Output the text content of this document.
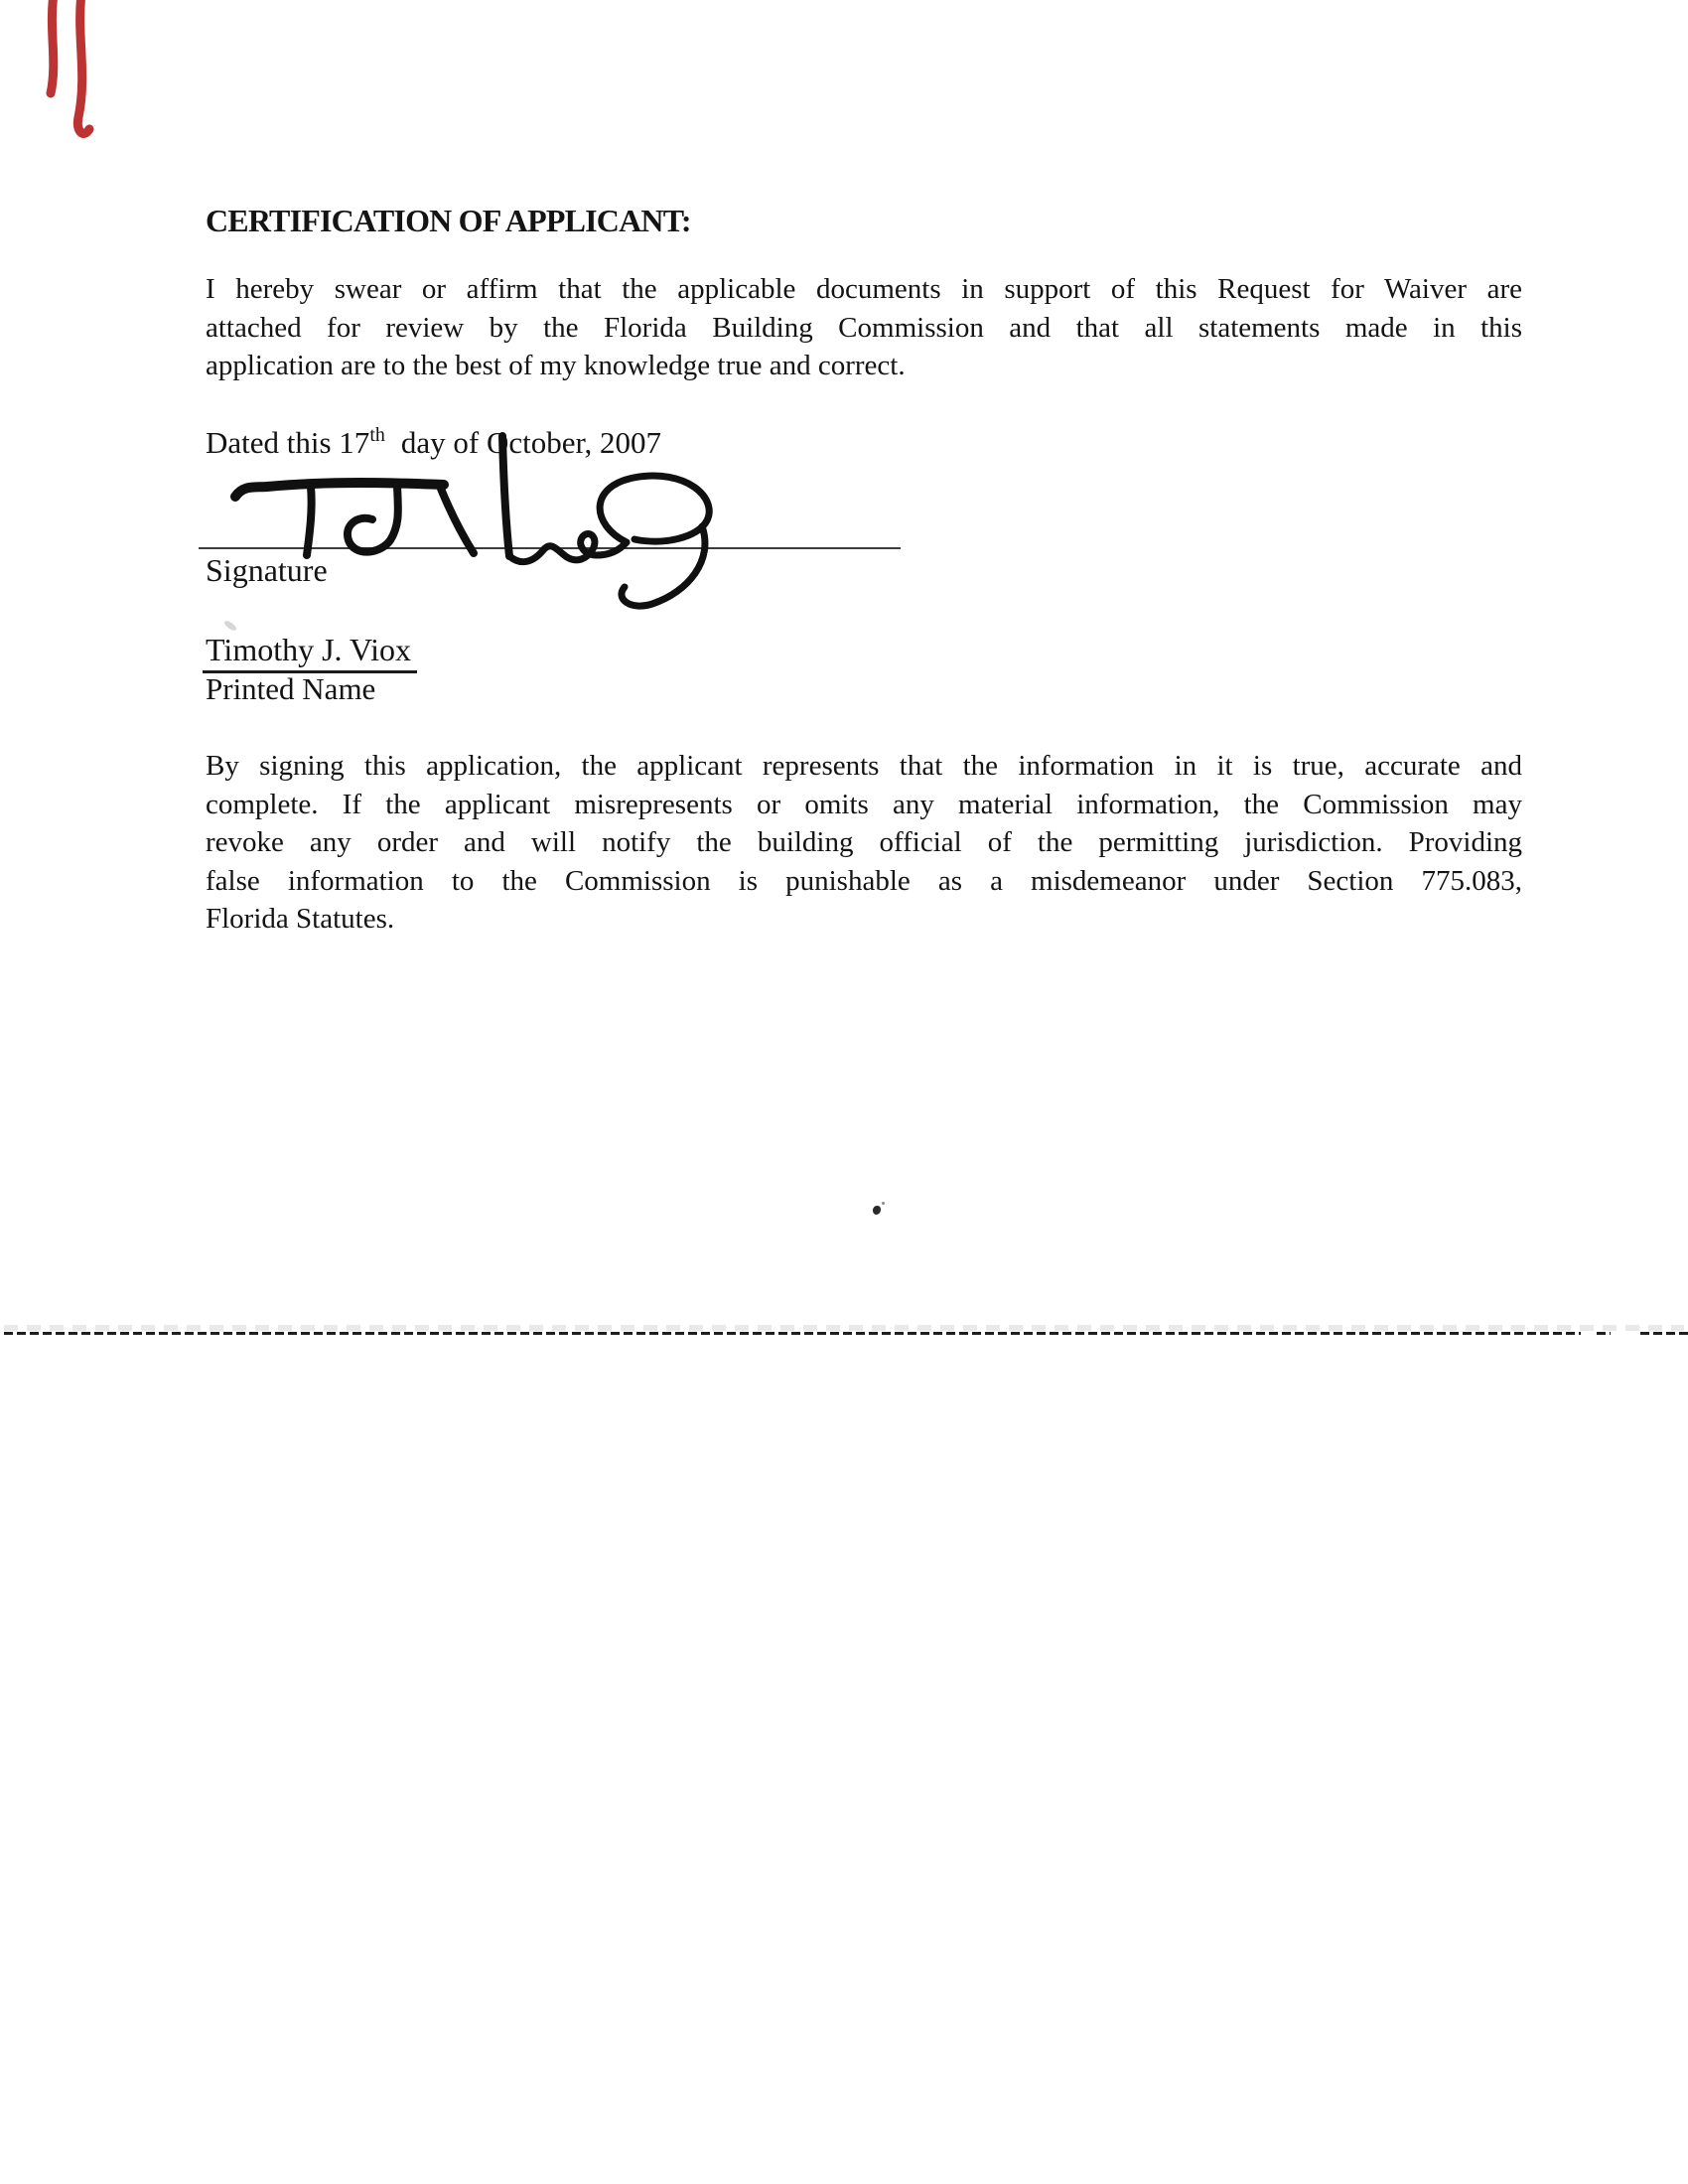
CERTIFICATION OF APPLICANT:
I hereby swear or affirm that the applicable documents in support of this Request for Waiver are
attached for review by the Florida Building Commission and that all statements made in this
application are to the best of my knowledge true and correct.
Dated this 17th day of October, 2007
Signature
Timothy J. Viox
Printed Name
By signing this application, the applicant represents that the information in it is true, accurate and
complete. If the applicant misrepresents or omits any material information, the Commission may
revoke any order and will notify the building official of the permitting jurisdiction. Providing
false information to the Commission is punishable as a misdemeanor under Section 775.083,
Florida Statutes.
